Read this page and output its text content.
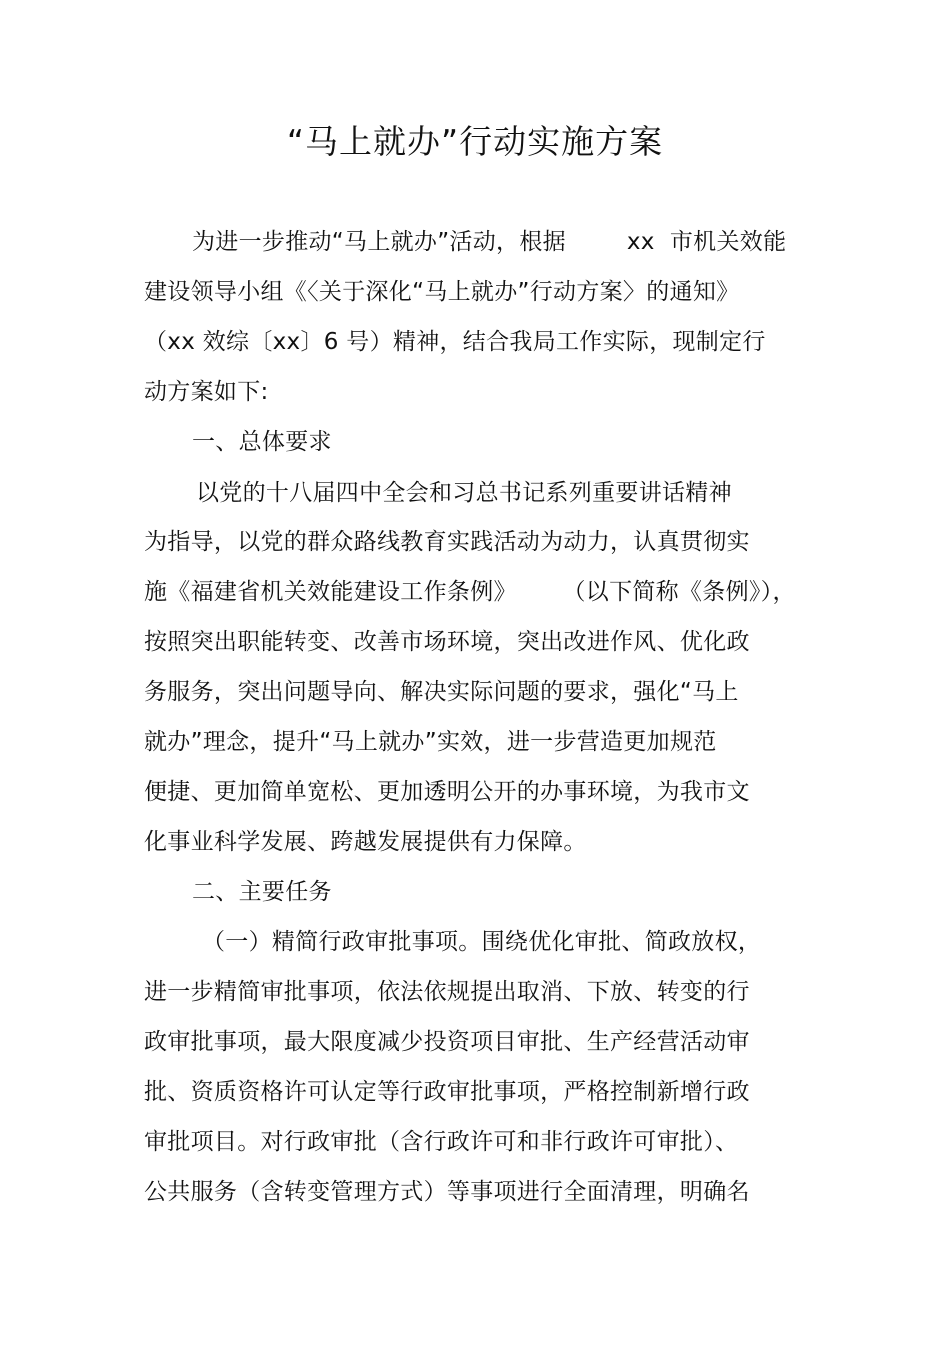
“马上就办”行动实施方案
为进一步推动“马上就办”活动，根据        xx  市机关效能
建设领导小组《〈关于深化“马上就办”行动方案〉的通知》
（xx 效综〔xx〕6 号）精神，结合我局工作实际，现制定行
动方案如下:
一、总体要求
以党的十八届四中全会和习总书记系列重要讲话精神
为指导，以党的群众路线教育实践活动为动力，认真贯彻实
施《福建省机关效能建设工作条例》      （以下简称《条例》），
按照突出职能转变、改善市场环境，突出改进作风、优化政
务服务，突出问题导向、解决实际问题的要求，强化“马上
就办”理念，提升“马上就办”实效，进一步营造更加规范
便捷、更加简单宽松、更加透明公开的办事环境，为我市文
化事业科学发展、跨越发展提供有力保障。
二、主要任务
（一）精简行政审批事项。围绕优化审批、简政放权，
进一步精简审批事项，依法依规提出取消、下放、转变的行
政审批事项，最大限度减少投资项目审批、生产经营活动审
批、资质资格许可认定等行政审批事项，严格控制新增行政
审批项目。对行政审批（含行政许可和非行政许可审批）、
公共服务（含转变管理方式）等事项进行全面清理，明确名
